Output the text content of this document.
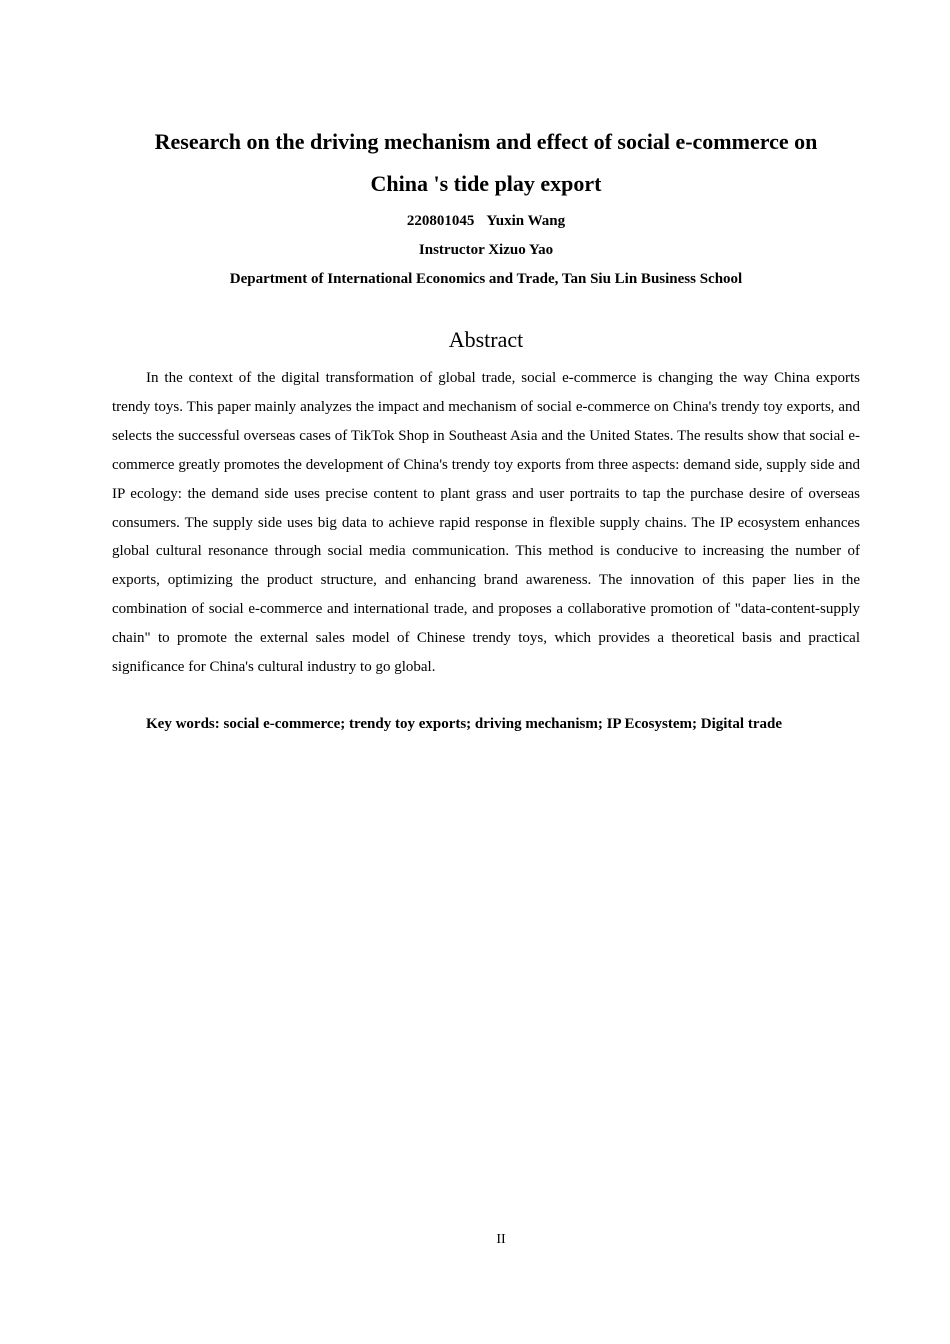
Research on the driving mechanism and effect of social e-commerce on
China 's tide play export
220801045 Yuxin Wang
Instructor Xizuo Yao
Department of International Economics and Trade, Tan Siu Lin Business School
Abstract

In the context of the digital transformation of global trade, social e-commerce is changing the way China exports trendy toys. This paper mainly analyzes the impact and mechanism of social e-commerce on China's trendy toy exports, and selects the successful overseas cases of TikTok Shop in Southeast Asia and the United States. The results show that social e-commerce greatly promotes the development of China's trendy toy exports from three aspects: demand side, supply side and IP ecology: the demand side uses precise content to plant grass and user portraits to tap the purchase desire of overseas consumers. The supply side uses big data to achieve rapid response in flexible supply chains. The IP ecosystem enhances global cultural resonance through social media communication. This method is conducive to increasing the number of exports, optimizing the product structure, and enhancing brand awareness. The innovation of this paper lies in the combination of social e-commerce and international trade, and proposes a collaborative promotion of "data-content-supply chain" to promote the external sales model of Chinese trendy toys, which provides a theoretical basis and practical significance for China's cultural industry to go global.

Key words: social e-commerce; trendy toy exports; driving mechanism; IP Ecosystem; Digital trade

II
